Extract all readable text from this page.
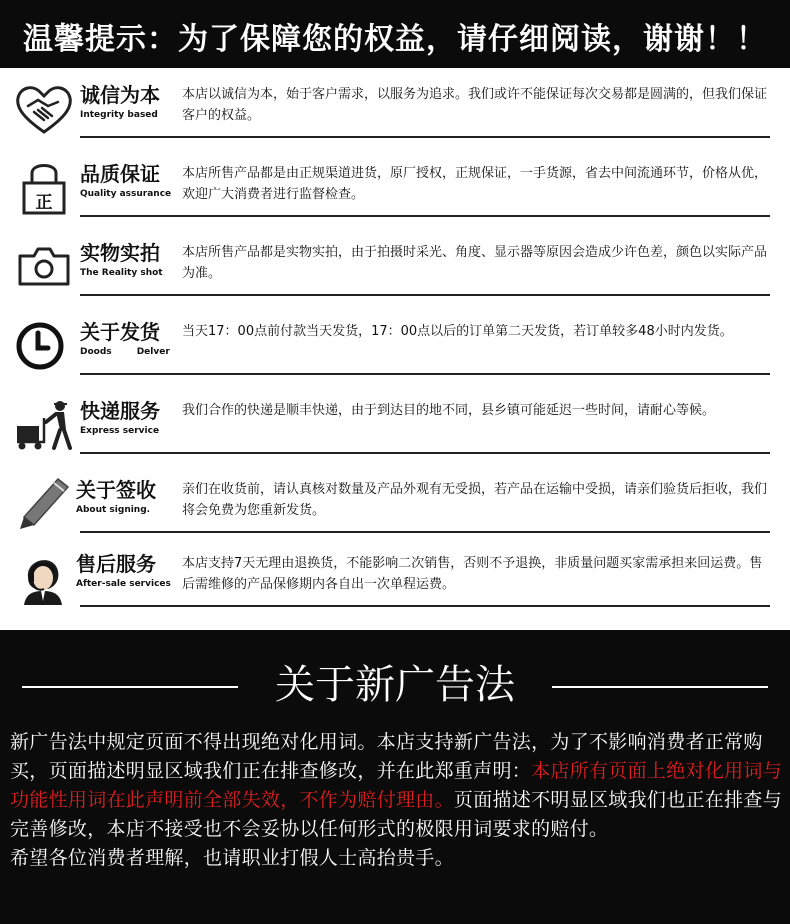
温馨提示：为了保障您的权益，请仔细阅读，谢谢！！
诚信为本
Integrity based
本店以诚信为本，始于客户需求，以服务为追求。我们或许不能保证每次交易都是圆满的，但我们保证客户的权益。
正
品质保证
Quality assurance
本店所售产品都是由正规渠道进货，原厂授权，正规保证，一手货源，省去中间流通环节，价格从优，欢迎广大消费者进行监督检查。
实物实拍
The Reality shot
本店所售产品都是实物实拍，由于拍摄时采光、角度、显示器等原因会造成少许色差，颜色以实际产品为准。
关于发货
Doods        Delver
当天17：00点前付款当天发货，17：00点以后的订单第二天发货，若订单较多48小时内发货。
快递服务
Express service
我们合作的快递是顺丰快递，由于到达目的地不同，县乡镇可能延迟一些时间，请耐心等候。
关于签收
About signing.
亲们在收货前，请认真核对数量及产品外观有无受损，若产品在运输中受损，请亲们验货后拒收，我们将会免费为您重新发货。
售后服务
After-sale services
本店支持7天无理由退换货，不能影响二次销售，否则不予退换，非质量问题买家需承担来回运费。售后需维修的产品保修期内各自出一次单程运费。
关于新广告法
新广告法中规定页面不得出现绝对化用词。本店支持新广告法，为了不影响消费者正常购买，页面描述明显区域我们正在排查修改，并在此郑重声明：本店所有页面上绝对化用词与功能性用词在此声明前全部失效，不作为赔付理由。页面描述不明显区域我们也正在排查与完善修改，本店不接受也不会妥协以任何形式的极限用词要求的赔付。
希望各位消费者理解，也请职业打假人士高抬贵手。
